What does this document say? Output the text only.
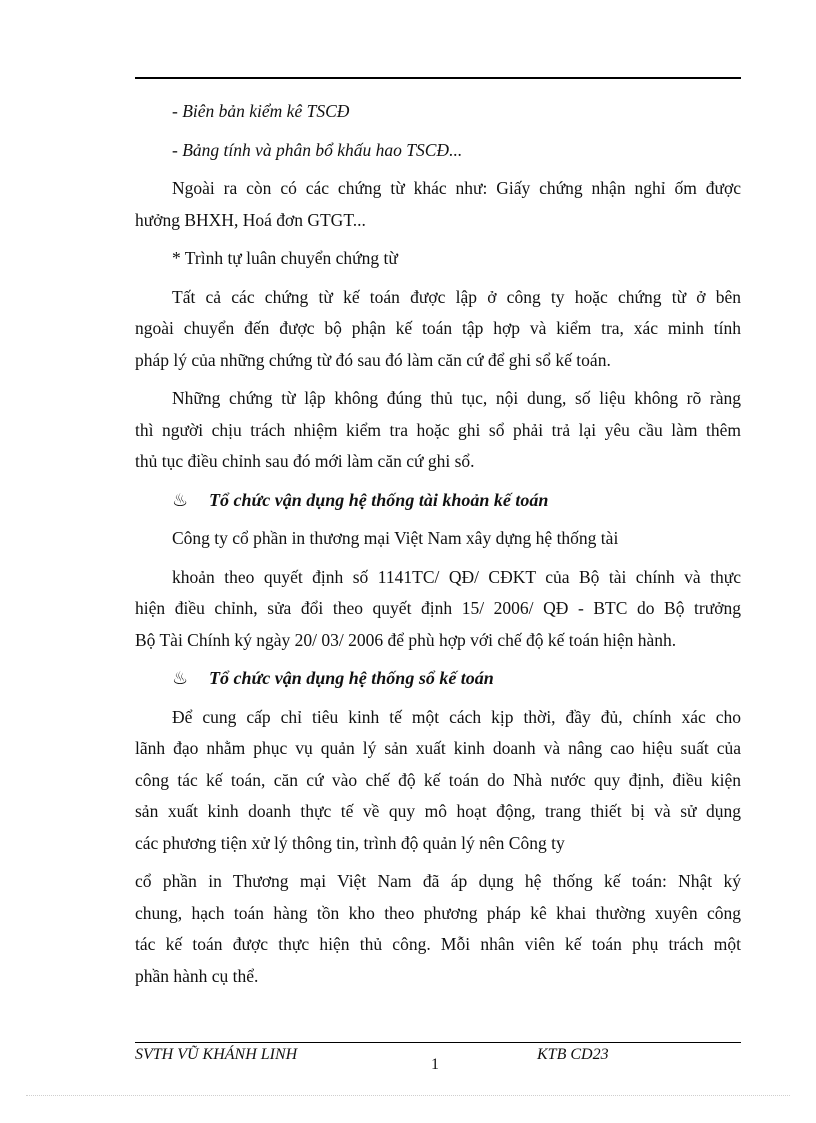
- Biên bản kiểm kê TSCĐ
- Bảng tính và phân bổ khấu hao TSCĐ...
Ngoài ra còn có các chứng từ khác như: Giấy chứng nhận nghỉ ốm được
hưởng BHXH, Hoá đơn GTGT...
* Trình tự luân chuyển chứng từ
Tất cả các chứng từ kế toán được lập ở công ty hoặc chứng từ ở bên
ngoài chuyển đến được bộ phận kế toán tập hợp và kiểm tra, xác minh tính
pháp lý của những chứng từ đó sau đó làm căn cứ để ghi sổ kế toán.
Những chứng từ lập không đúng thủ tục, nội dung, số liệu không rõ ràng
thì người chịu trách nhiệm kiểm tra hoặc ghi sổ phải trả lại yêu cầu làm thêm
thủ tục điều chỉnh sau đó mới làm căn cứ ghi sổ.
♨ Tổ chức vận dụng hệ thống tài khoản kế toán
Công ty cổ phần in thương mại Việt Nam xây dựng hệ thống tài
khoản theo quyết định số 1141TC/ QĐ/ CĐKT của Bộ tài chính và thực
hiện điều chỉnh, sửa đổi theo quyết định 15/ 2006/ QĐ - BTC do Bộ trưởng
Bộ Tài Chính ký ngày 20/ 03/ 2006 để phù hợp với chế độ kế toán hiện hành.
♨ Tổ chức vận dụng hệ thống sổ kế toán
Để cung cấp chỉ tiêu kinh tế một cách kịp thời, đầy đủ, chính xác cho
lãnh đạo nhằm phục vụ quản lý sản xuất kinh doanh và nâng cao hiệu suất của
công tác kế toán, căn cứ vào chế độ kế toán do Nhà nước quy định, điều kiện
sản xuất kinh doanh thực tế về quy mô hoạt động, trang thiết bị và sử dụng
các phương tiện xử lý thông tin, trình độ quản lý nên Công ty
cổ phần in Thương mại Việt Nam đã áp dụng hệ thống kế toán: Nhật ký
chung, hạch toán hàng tồn kho theo phương pháp kê khai thường xuyên công
tác kế toán được thực hiện thủ công. Mỗi nhân viên kế toán phụ trách một
phần hành cụ thể.
SVTH VŨ KHÁNH LINH
1
KTB CD23
